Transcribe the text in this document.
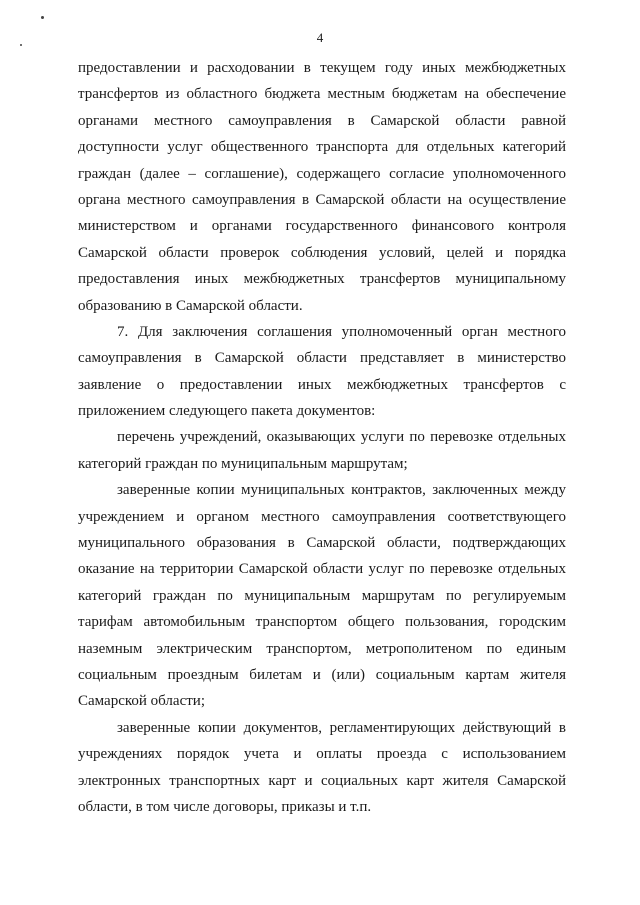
4
предоставлении и расходовании в текущем году иных межбюджетных
трансфертов из областного бюджета местным бюджетам на обеспечение
органами местного самоуправления в Самарской области равной
доступности услуг общественного транспорта для отдельных категорий
граждан (далее – соглашение), содержащего согласие уполномоченного
органа местного самоуправления в Самарской области на осуществление
министерством и органами государственного финансового контроля
Самарской области проверок соблюдения условий, целей и порядка
предоставления иных межбюджетных трансфертов муниципальному
образованию в Самарской области.
7. Для заключения соглашения уполномоченный орган местного
самоуправления в Самарской области представляет в министерство
заявление о предоставлении иных межбюджетных трансфертов с
приложением следующего пакета документов:
перечень учреждений, оказывающих услуги по перевозке отдельных
категорий граждан по муниципальным маршрутам;
заверенные копии муниципальных контрактов, заключенных между
учреждением и органом местного самоуправления соответствующего
муниципального образования в Самарской области, подтверждающих
оказание на территории Самарской области услуг по перевозке отдельных
категорий граждан по муниципальным маршрутам по регулируемым
тарифам автомобильным транспортом общего пользования, городским
наземным электрическим транспортом, метрополитеном по единым
социальным проездным билетам и (или) социальным картам жителя
Самарской области;
заверенные копии документов, регламентирующих действующий в
учреждениях порядок учета и оплаты проезда с использованием
электронных транспортных карт и социальных карт жителя Самарской
области, в том числе договоры, приказы и т.п.
